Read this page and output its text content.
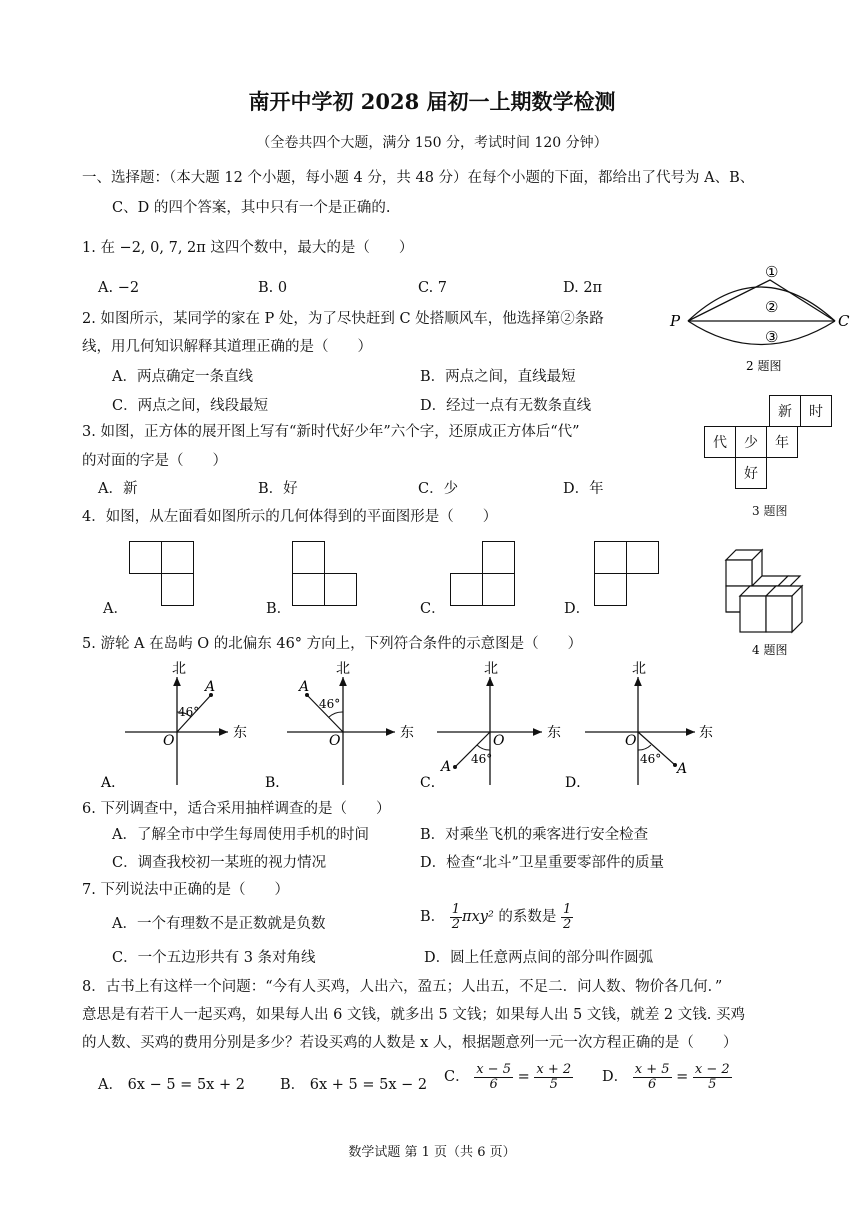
南开中学初 2028 届初一上期数学检测
（全卷共四个大题，满分 150 分，考试时间 120 分钟）
一、选择题：（本大题 12 个小题，每小题 4 分，共 48 分）在每个小题的下面，都给出了代号为 A、B、
C、D 的四个答案，其中只有一个是正确的.
1. 在 −2, 0, 7, 2π 这四个数中，最大的是（　　）
A. −2	B. 0	C. 7	D. 2π
2. 如图所示，某同学的家在 P 处，为了尽快赶到 C 处搭顺风车，他选择第②条路
线，用几何知识解释其道理正确的是（　　）
A．两点确定一条直线	B．两点之间，直线最短
C．两点之间，线段最短	D．经过一点有无数条直线
①
②
③
P	C
2 题图
3. 如图，正方体的展开图上写有“新时代好少年”六个字，还原成正方体后“代”
的对面的字是（　　）
A．新	B．好	C．少	D．年
新	时
代	少	年
好
3 题图
4．如图，从左面看如图所示的几何体得到的平面图形是（　　）
A．	B．	C．	D．
4 题图
5. 游轮 A 在岛屿 O 的北偏东 46° 方向上，下列符合条件的示意图是（　　）
北
东
O
A
46°
A．
北
东
O
A
46°
B．
北
东
O
A 46°
C．
北
东
O
A
46°
D．
6. 下列调查中，适合采用抽样调查的是（　　）
A．了解全市中学生每周使用手机的时间	B．对乘坐飞机的乘客进行安全检查
C．调查我校初一某班的视力情况	D．检查“北斗”卫星重要零部件的质量
7. 下列说法中正确的是（　　）
A．一个有理数不是正数就是负数	B． $\frac{1}{2} \pi xy^2$ 的系数是 $\frac{1}{2}$
C．一个五边形共有 3 条对角线	D．圆上任意两点间的部分叫作圆弧
8．古书上有这样一个问题：“今有人买鸡，人出六，盈五；人出五，不足二．问人数、物价各几何．”
意思是有若干人一起买鸡，如果每人出 6 文钱，就多出 5 文钱；如果每人出 5 文钱，就差 2 文钱. 买鸡
的人数、买鸡的费用分别是多少？若设买鸡的人数是 x 人，根据题意列一元一次方程正确的是（　　）
A． 6x − 5 = 5x + 2 B． 6x + 5 = 5x − 2 C． $\frac{x - 5}{6} = \frac{x + 2}{5}$ D． $\frac{x + 5}{6} = \frac{x - 2}{5}$
数学试题 第 1 页（共 6 页）
